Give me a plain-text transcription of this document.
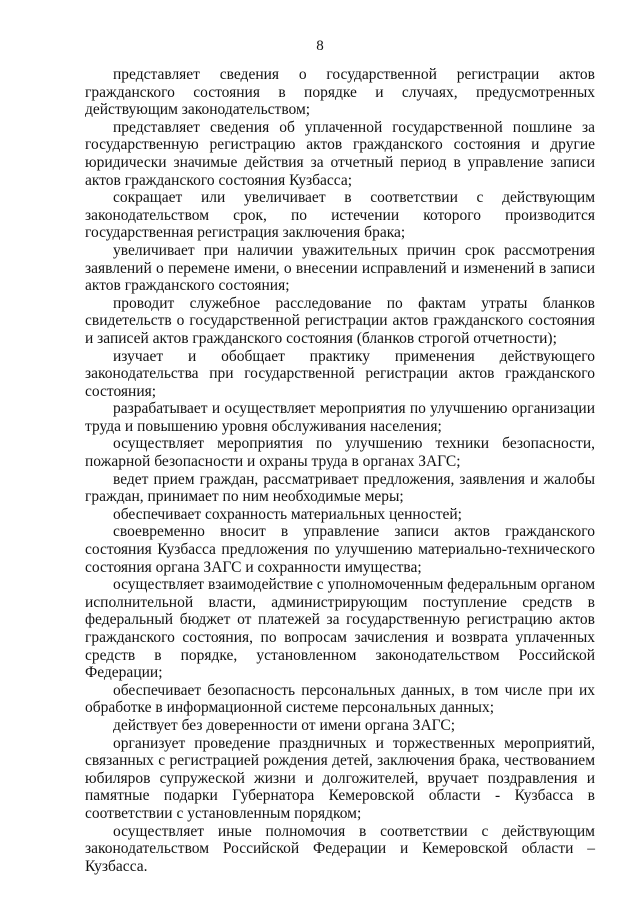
8

представляет сведения о государственной регистрации актов гражданского состояния в порядке и случаях, предусмотренных действующим законодательством;

представляет сведения об уплаченной государственной пошлине за государственную регистрацию актов гражданского состояния и другие юридически значимые действия за отчетный период в управление записи актов гражданского состояния Кузбасса;

сокращает или увеличивает в соответствии с действующим законодательством срок, по истечении которого производится государственная регистрация заключения брака;

увеличивает при наличии уважительных причин срок рассмотрения заявлений о перемене имени, о внесении исправлений и изменений в записи актов гражданского состояния;

проводит служебное расследование по фактам утраты бланков свидетельств о государственной регистрации актов гражданского состояния и записей актов гражданского состояния (бланков строгой отчетности);

изучает и обобщает практику применения действующего законодательства при государственной регистрации актов гражданского состояния;

разрабатывает и осуществляет мероприятия по улучшению организации труда и повышению уровня обслуживания населения;

осуществляет мероприятия по улучшению техники безопасности, пожарной безопасности и охраны труда в органах ЗАГС;

ведет прием граждан, рассматривает предложения, заявления и жалобы граждан, принимает по ним необходимые меры;

обеспечивает сохранность материальных ценностей;

своевременно вносит в управление записи актов гражданского состояния Кузбасса предложения по улучшению материально-технического состояния органа ЗАГС и сохранности имущества;

осуществляет взаимодействие с уполномоченным федеральным органом исполнительной власти, администрирующим поступление средств в федеральный бюджет от платежей за государственную регистрацию актов гражданского состояния, по вопросам зачисления и возврата уплаченных средств в порядке, установленном законодательством Российской Федерации;

обеспечивает безопасность персональных данных, в том числе при их обработке в информационной системе персональных данных;

действует без доверенности от имени органа ЗАГС;

организует проведение праздничных и торжественных мероприятий, связанных с регистрацией рождения детей, заключения брака, чествованием юбиляров супружеской жизни и долгожителей, вручает поздравления и памятные подарки Губернатора Кемеровской области - Кузбасса в соответствии с установленным порядком;

осуществляет иные полномочия в соответствии с действующим законодательством Российской Федерации и Кемеровской области – Кузбасса.
